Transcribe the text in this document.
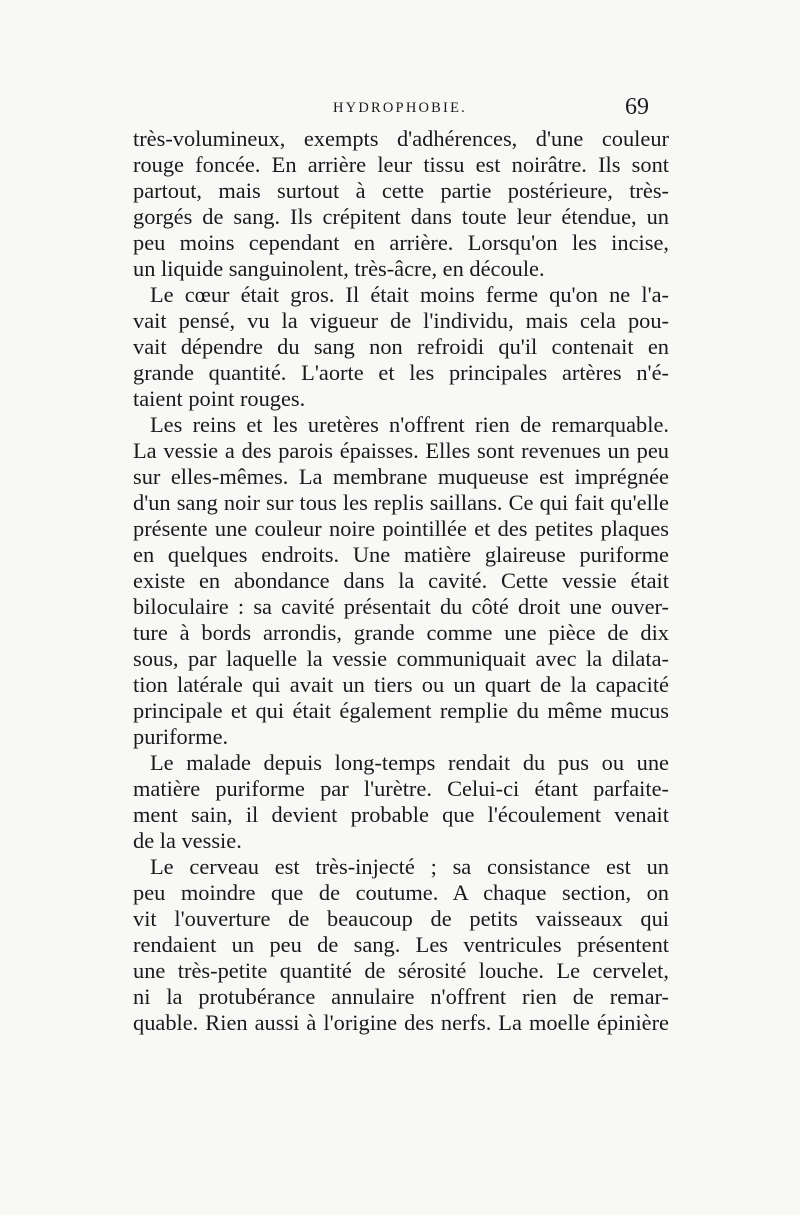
HYDROPHOBIE.	69
très-volumineux, exempts d'adhérences, d'une couleur
rouge foncée. En arrière leur tissu est noirâtre. Ils sont
partout, mais surtout à cette partie postérieure, très-
gorgés de sang. Ils crépitent dans toute leur étendue, un
peu moins cependant en arrière. Lorsqu'on les incise,
un liquide sanguinolent, très-âcre, en découle.
Le cœur était gros. Il était moins ferme qu'on ne l'a-
vait pensé, vu la vigueur de l'individu, mais cela pou-
vait dépendre du sang non refroidi qu'il contenait en
grande quantité. L'aorte et les principales artères n'é-
taient point rouges.
Les reins et les uretères n'offrent rien de remarquable.
La vessie a des parois épaisses. Elles sont revenues un peu
sur elles-mêmes. La membrane muqueuse est imprégnée
d'un sang noir sur tous les replis saillans. Ce qui fait qu'elle
présente une couleur noire pointillée et des petites plaques
en quelques endroits. Une matière glaireuse puriforme
existe en abondance dans la cavité. Cette vessie était
biloculaire : sa cavité présentait du côté droit une ouver-
ture à bords arrondis, grande comme une pièce de dix
sous, par laquelle la vessie communiquait avec la dilata-
tion latérale qui avait un tiers ou un quart de la capacité
principale et qui était également remplie du même mucus
puriforme.
Le malade depuis long-temps rendait du pus ou une
matière puriforme par l'urètre. Celui-ci étant parfaite-
ment sain, il devient probable que l'écoulement venait
de la vessie.
Le cerveau est très-injecté ; sa consistance est un
peu moindre que de coutume. A chaque section, on
vit l'ouverture de beaucoup de petits vaisseaux qui
rendaient un peu de sang. Les ventricules présentent
une très-petite quantité de sérosité louche. Le cervelet,
ni la protubérance annulaire n'offrent rien de remar-
quable. Rien aussi à l'origine des nerfs. La moelle épinière
